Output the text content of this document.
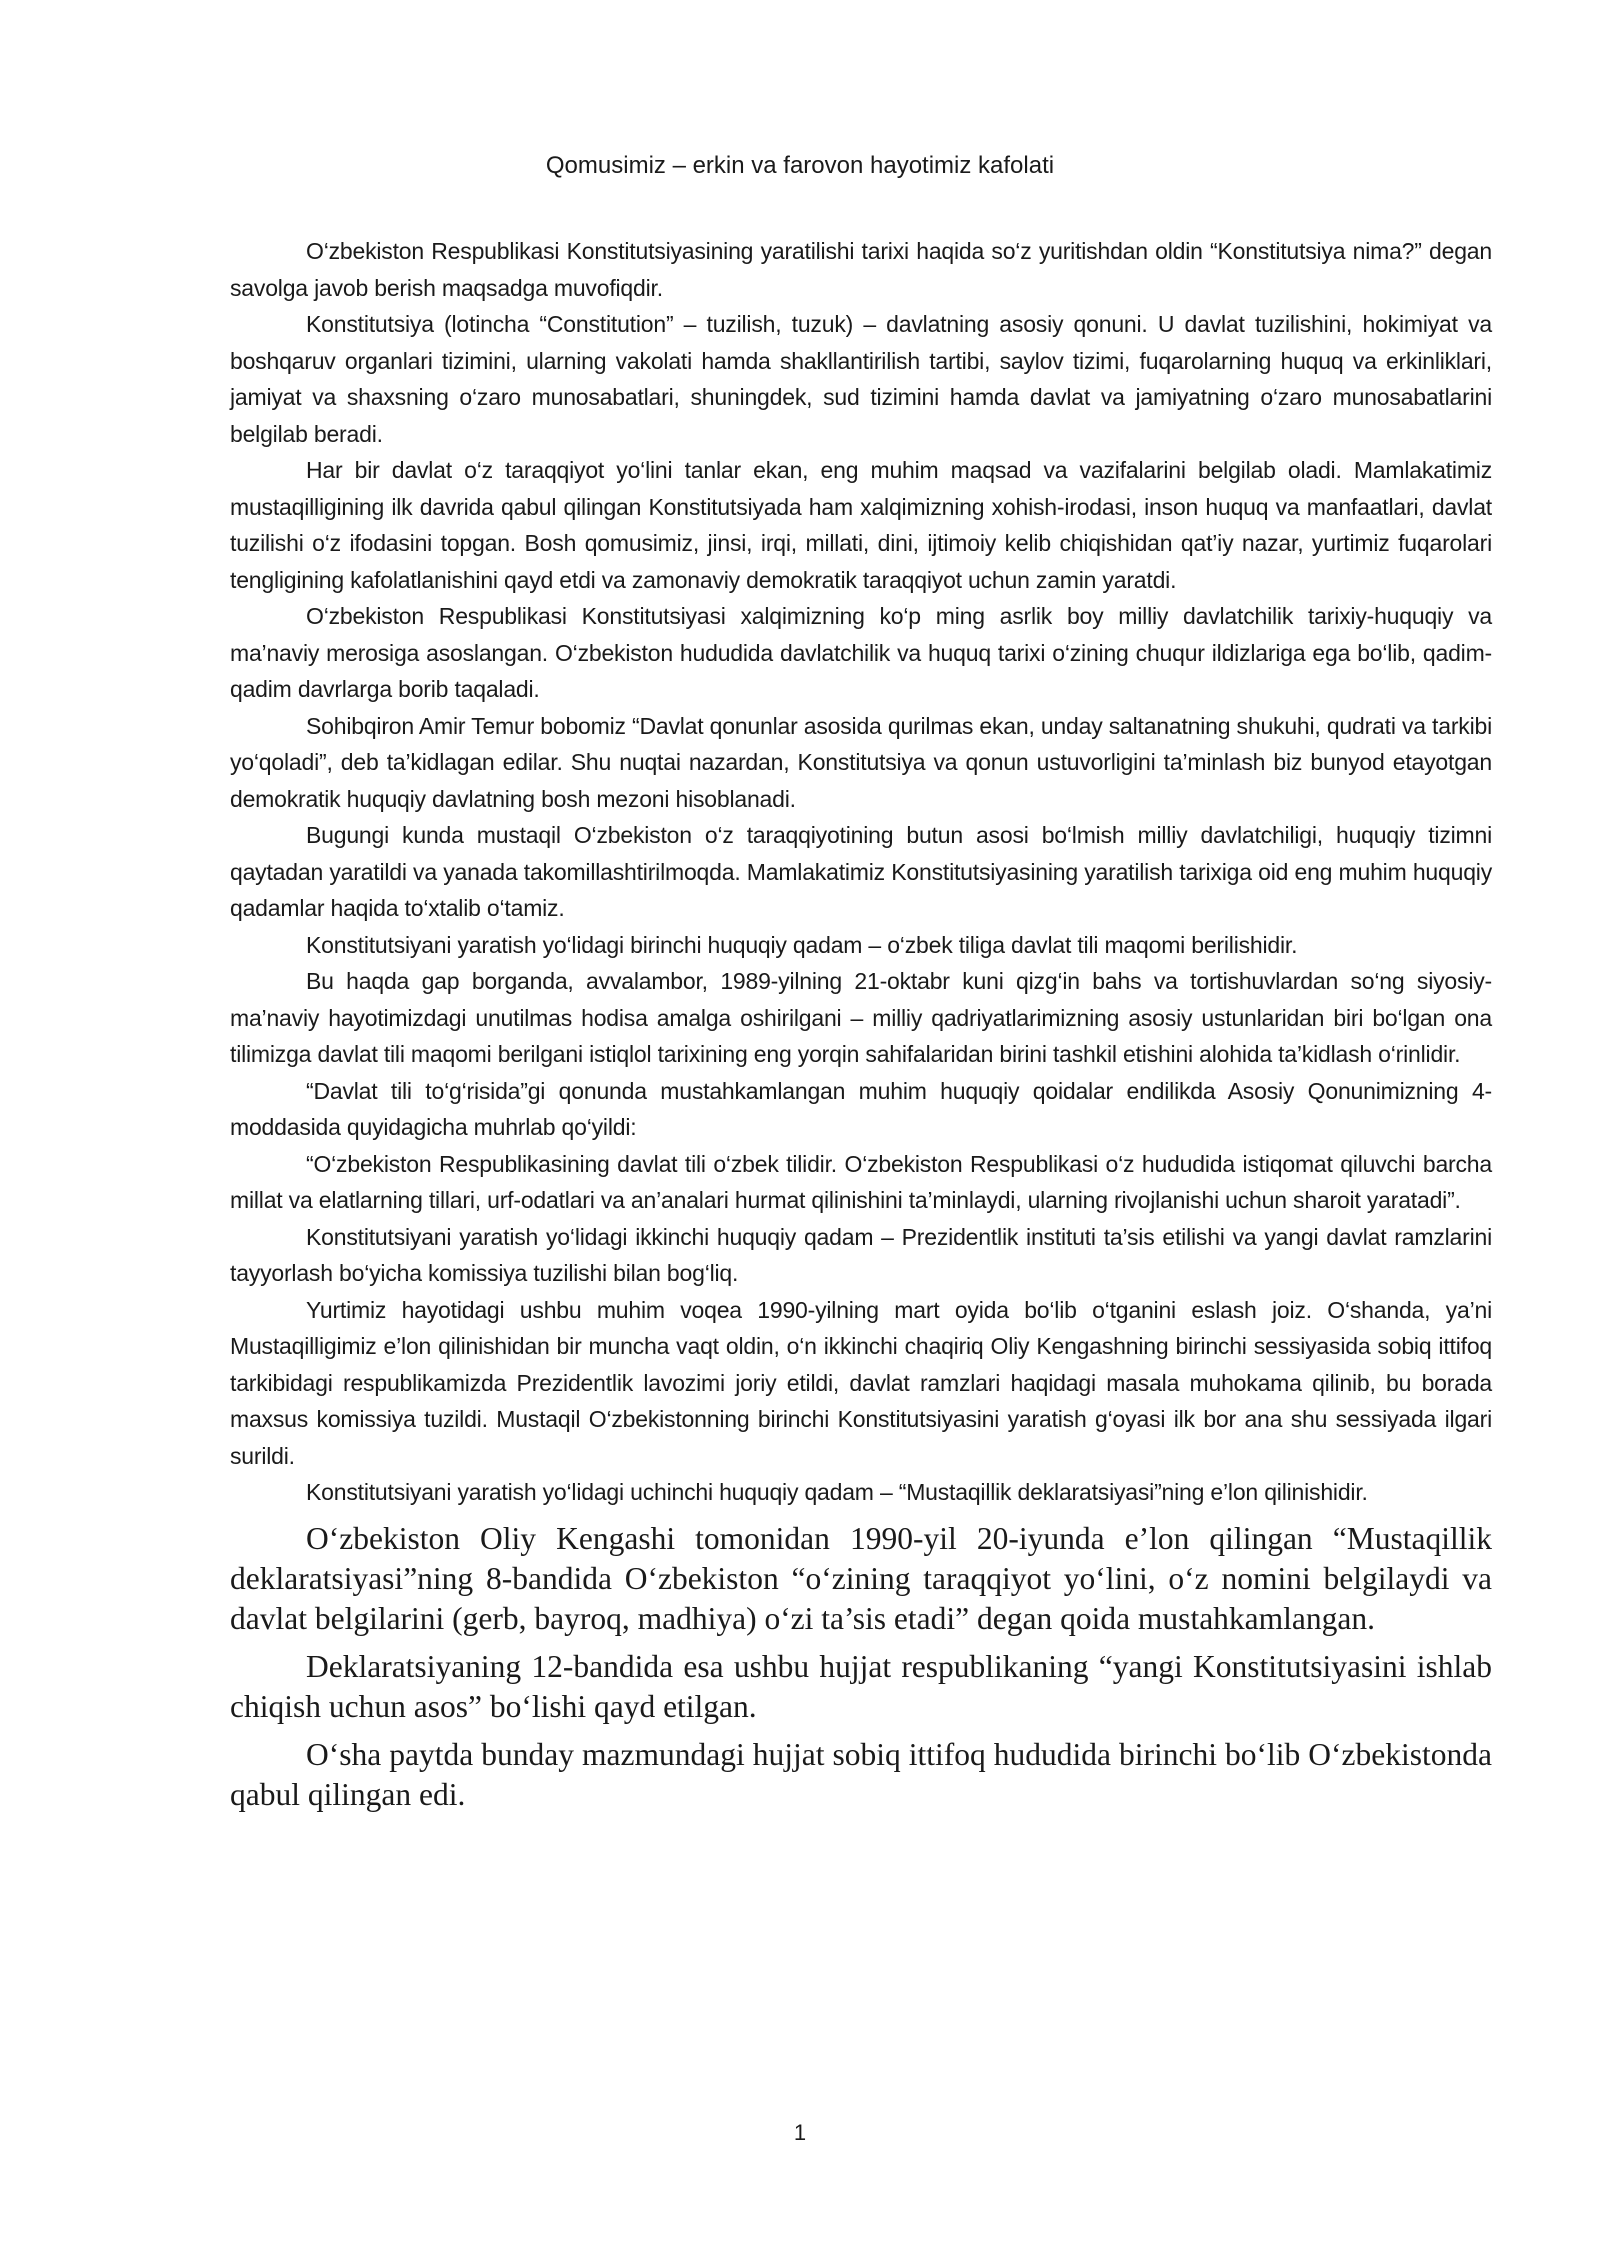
Qomusimiz – erkin va farovon hayotimiz kafolati

O‘zbekiston Respublikasi Konstitutsiyasining yaratilishi tarixi haqida so‘z yuritishdan oldin “Konstitutsiya nima?” degan savolga javob berish maqsadga muvofiqdir.

Konstitutsiya (lotincha “Constitution” – tuzilish, tuzuk) – davlatning asosiy qonuni. U davlat tuzilishini, hokimiyat va boshqaruv organlari tizimini, ularning vakolati hamda shakllantirilish tartibi, saylov tizimi, fuqarolarning huquq va erkinliklari, jamiyat va shaxsning o‘zaro munosabatlari, shuningdek, sud tizimini hamda davlat va jamiyatning o‘zaro munosabatlarini belgilab beradi.

Har bir davlat o‘z taraqqiyot yo‘lini tanlar ekan, eng muhim maqsad va vazifalarini belgilab oladi. Mamlakatimiz mustaqilligining ilk davrida qabul qilingan Konstitutsiyada ham xalqimizning xohish-irodasi, inson huquq va manfaatlari, davlat tuzilishi o‘z ifodasini topgan. Bosh qomusimiz, jinsi, irqi, millati, dini, ijtimoiy kelib chiqishidan qat’iy nazar, yurtimiz fuqarolari tengligining kafolatlanishini qayd etdi va zamonaviy demokratik taraqqiyot uchun zamin yaratdi.

O‘zbekiston Respublikasi Konstitutsiyasi xalqimizning ko‘p ming asrlik boy milliy davlatchilik tarixiy-huquqiy va ma’naviy merosiga asoslangan. O‘zbekiston hududida davlatchilik va huquq tarixi o‘zining chuqur ildizlariga ega bo‘lib, qadim-qadim davrlarga borib taqaladi.

Sohibqiron Amir Temur bobomiz “Davlat qonunlar asosida qurilmas ekan, unday saltanatning shukuhi, qudrati va tarkibi yo‘qoladi”, deb ta’kidlagan edilar. Shu nuqtai nazardan, Konstitutsiya va qonun ustuvorligini ta’minlash biz bunyod etayotgan demokratik huquqiy davlatning bosh mezoni hisoblanadi.

Bugungi kunda mustaqil O‘zbekiston o‘z taraqqiyotining butun asosi bo‘lmish milliy davlatchiligi, huquqiy tizimni qaytadan yaratildi va yanada takomillashtirilmoqda. Mamlakatimiz Konstitutsiyasining yaratilish tarixiga oid eng muhim huquqiy qadamlar haqida to‘xtalib o‘tamiz.

Konstitutsiyani yaratish yo‘lidagi birinchi huquqiy qadam – o‘zbek tiliga davlat tili maqomi berilishidir.

Bu haqda gap borganda, avvalambor, 1989-yilning 21-oktabr kuni qizg‘in bahs va tortishuvlardan so‘ng siyosiy-ma’naviy hayotimizdagi unutilmas hodisa amalga oshirilgani – milliy qadriyatlarimizning asosiy ustunlaridan biri bo‘lgan ona tilimizga davlat tili maqomi berilgani istiqlol tarixining eng yorqin sahifalaridan birini tashkil etishini alohida ta’kidlash o‘rinlidir.

“Davlat tili to‘g‘risida”gi qonunda mustahkamlangan muhim huquqiy qoidalar endilikda Asosiy Qonunimizning 4-moddasida quyidagicha muhrlab qo‘yildi:

“O‘zbekiston Respublikasining davlat tili o‘zbek tilidir. O‘zbekiston Respublikasi o‘z hududida istiqomat qiluvchi barcha millat va elatlarning tillari, urf-odatlari va an’analari hurmat qilinishini ta’minlaydi, ularning rivojlanishi uchun sharoit yaratadi”.

Konstitutsiyani yaratish yo‘lidagi ikkinchi huquqiy qadam – Prezidentlik instituti ta’sis etilishi va yangi davlat ramzlarini tayyorlash bo‘yicha komissiya tuzilishi bilan bog‘liq.

Yurtimiz hayotidagi ushbu muhim voqea 1990-yilning mart oyida bo‘lib o‘tganini eslash joiz. O‘shanda, ya’ni Mustaqilligimiz e’lon qilinishidan bir muncha vaqt oldin, o‘n ikkinchi chaqiriq Oliy Kengashning birinchi sessiyasida sobiq ittifoq tarkibidagi respublikamizda Prezidentlik lavozimi joriy etildi, davlat ramzlari haqidagi masala muhokama qilinib, bu borada maxsus komissiya tuzildi. Mustaqil O‘zbekistonning birinchi Konstitutsiyasini yaratish g‘oyasi ilk bor ana shu sessiyada ilgari surildi.

Konstitutsiyani yaratish yo‘lidagi uchinchi huquqiy qadam – “Mustaqillik deklaratsiyasi”ning e’lon qilinishidir.

O‘zbekiston Oliy Kengashi tomonidan 1990-yil 20-iyunda e’lon qilingan “Mustaqillik deklaratsiyasi”ning 8-bandida O‘zbekiston “o‘zining taraqqiyot yo‘lini, o‘z nomini belgilaydi va davlat belgilarini (gerb, bayroq, madhiya) o‘zi ta’sis etadi” degan qoida mustahkamlangan.

Deklaratsiyaning 12-bandida esa ushbu hujjat respublikaning “yangi Konstitutsiyasini ishlab chiqish uchun asos” bo‘lishi qayd etilgan.

O‘sha paytda bunday mazmundagi hujjat sobiq ittifoq hududida birinchi bo‘lib O‘zbekistonda qabul qilingan edi.

1
